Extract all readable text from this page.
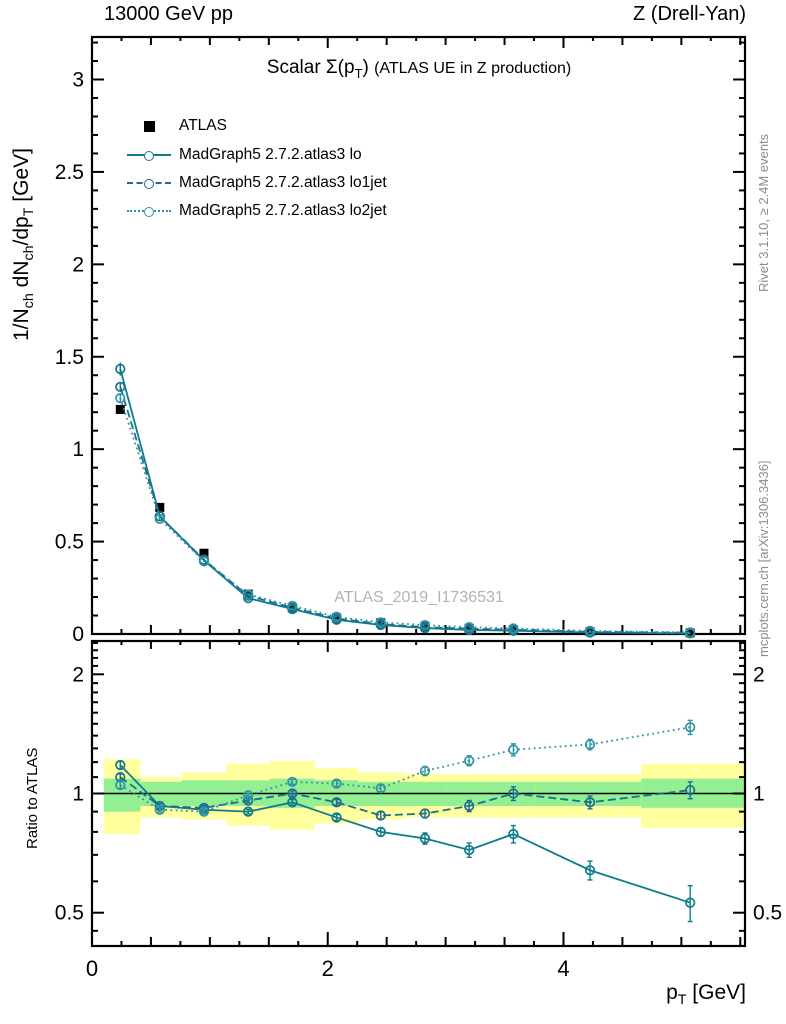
0	2	4
0.5
1
1.5
2
2.5
3
0
0.5	0.5
1	1
2	2
13000 GeV pp	Z (Drell-Yan)
Scalar $\Sigma(p_T)$ (ATLAS UE in Z production)
ATLAS
MadGraph5 2.7.2.atlas3 lo
MadGraph5 2.7.2.atlas3 lo1jet
MadGraph5 2.7.2.atlas3 lo2jet
ATLAS_2019_I1736531
$1/N_{ch}$ $dN_{ch}/dp_T$ [GeV]
Ratio to ATLAS
Rivet 3.1.10, ≥ 2.4M events
mcplots.cern.ch [arXiv:1306.3436]
$p_T$ [GeV]
